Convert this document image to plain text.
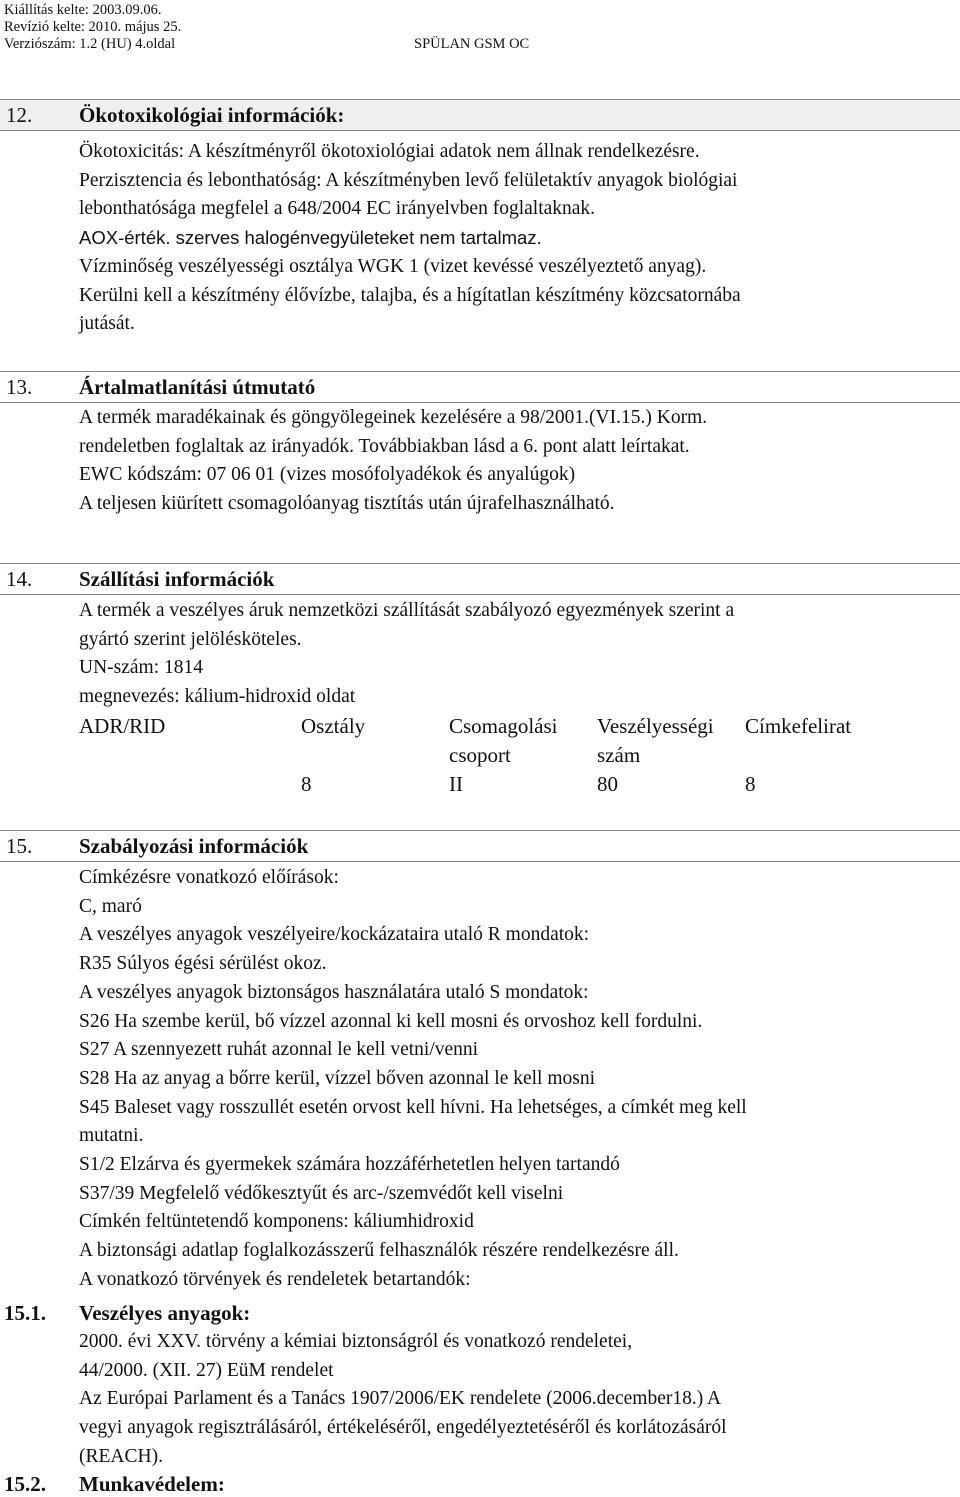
Kiállítás kelte: 2003.09.06.
Revízió kelte: 2010. május 25.
Verziószám: 1.2 (HU) 4.oldal	SPÜLAN GSM OC
12. Ökotoxikológiai információk:
Ökotoxicitás: A készítményről ökotoxiológiai adatok nem állnak rendelkezésre.
Perzisztencia és lebonthatóság: A készítményben levő felületaktív anyagok biológiai
lebonthatósága megfelel a 648/2004 EC irányelvben foglaltaknak.
AOX-érték. szerves halogénvegyületeket nem tartalmaz.
Vízminőség veszélyességi osztálya WGK 1 (vizet kevéssé veszélyeztető anyag).
Kerülni kell a készítmény élővízbe, talajba, és a hígítatlan készítmény közcsatornába
jutását.
13. Ártalmatlanítási útmutató
A termék maradékainak és göngyölegeinek kezelésére a 98/2001.(VI.15.) Korm.
rendeletben foglaltak az irányadók. Továbbiakban lásd a 6. pont alatt leírtakat.
EWC kódszám: 07 06 01 (vizes mosófolyadékok és anyalúgok)
A teljesen kiürített csomagolóanyag tisztítás után újrafelhasználható.
14. Szállítási információk
A termék a veszélyes áruk nemzetközi szállítását szabályozó egyezmények szerint a
gyártó szerint jelölésköteles.
UN-szám: 1814
megnevezés: kálium-hidroxid oldat
ADR/RID	Osztály	Csomagolási	Veszélyességi	Címkefelirat
		csoport	szám	
	8	II	80	8
15. Szabályozási információk
Címkézésre vonatkozó előírások:
C, maró
A veszélyes anyagok veszélyeire/kockázataira utaló R mondatok:
R35 Súlyos égési sérülést okoz.
A veszélyes anyagok biztonságos használatára utaló S mondatok:
S26 Ha szembe kerül, bő vízzel azonnal ki kell mosni és orvoshoz kell fordulni.
S27 A szennyezett ruhát azonnal le kell vetni/venni
S28 Ha az anyag a bőrre kerül, vízzel bőven azonnal le kell mosni
S45 Baleset vagy rosszullét esetén orvost kell hívni. Ha lehetséges, a címkét meg kell
mutatni.
S1/2 Elzárva és gyermekek számára hozzáférhetetlen helyen tartandó
S37/39 Megfelelő védőkesztyűt és arc-/szemvédőt kell viselni
Címkén feltüntetendő komponens: káliumhidroxid
A biztonsági adatlap foglalkozásszerű felhasználók részére rendelkezésre áll.
A vonatkozó törvények és rendeletek betartandók:
15.1. Veszélyes anyagok:
2000. évi XXV. törvény a kémiai biztonságról és vonatkozó rendeletei,
44/2000. (XII. 27) EüM rendelet
Az Európai Parlament és a Tanács 1907/2006/EK rendelete (2006.december18.) A
vegyi anyagok regisztrálásáról, értékeléséről, engedélyeztetéséről és korlátozásáról
(REACH).
15.2. Munkavédelem:
